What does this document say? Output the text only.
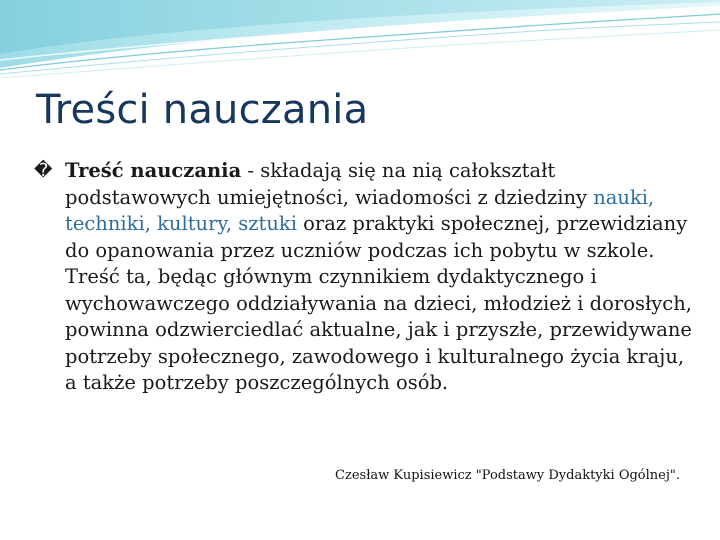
Treści nauczania
� Treść nauczania - składają się na nią całokształt podstawowych umiejętności, wiadomości z dziedziny nauki, techniki, kultury, sztuki oraz praktyki społecznej, przewidziany do opanowania przez uczniów podczas ich pobytu w szkole. Treść ta, będąc głównym czynnikiem dydaktycznego i wychowawczego oddziaływania na dzieci, młodzież i dorosłych, powinna odzwierciedlać aktualne, jak i przyszłe, przewidywane potrzeby społecznego, zawodowego i kulturalnego życia kraju, a także potrzeby poszczególnych osób.
Czesław Kupisiewicz "Podstawy Dydaktyki Ogólnej".
